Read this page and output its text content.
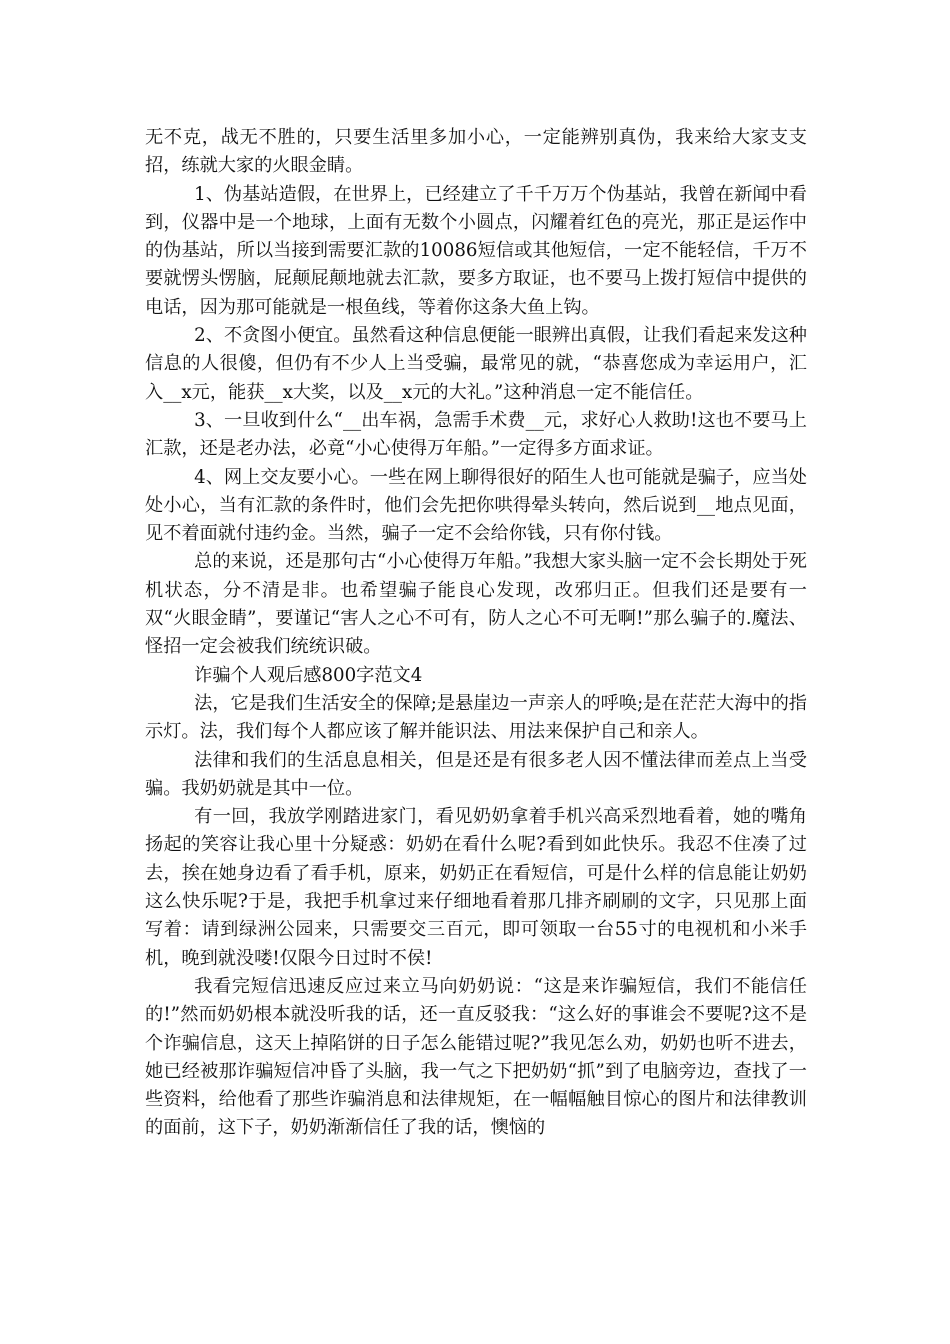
无不克，战无不胜的，只要生活里多加小心，一定能辨别真伪，我来给大家支支招，练就大家的火眼金睛。

1、伪基站造假，在世界上，已经建立了千千万万个伪基站，我曾在新闻中看到，仪器中是一个地球，上面有无数个小圆点，闪耀着红色的亮光，那正是运作中的伪基站，所以当接到需要汇款的10086短信或其他短信，一定不能轻信，千万不要就愣头愣脑，屁颠屁颠地就去汇款，要多方取证，也不要马上拨打短信中提供的电话，因为那可能就是一根鱼线，等着你这条大鱼上钩。

2、不贪图小便宜。虽然看这种信息便能一眼辨出真假，让我们看起来发这种信息的人很傻，但仍有不少人上当受骗，最常见的就，“恭喜您成为幸运用户，汇入__x元，能获__x大奖，以及__x元的大礼。”这种消息一定不能信任。

3、一旦收到什么“__出车祸，急需手术费__元，求好心人救助!这也不要马上汇款，还是老办法，必竟“小心使得万年船。”一定得多方面求证。

4、网上交友要小心。一些在网上聊得很好的陌生人也可能就是骗子，应当处处小心，当有汇款的条件时，他们会先把你哄得晕头转向，然后说到__地点见面，见不着面就付违约金。当然，骗子一定不会给你钱，只有你付钱。

总的来说，还是那句古“小心使得万年船。”我想大家头脑一定不会长期处于死机状态，分不清是非。也希望骗子能良心发现，改邪归正。但我们还是要有一双“火眼金睛”，要谨记“害人之心不可有，防人之心不可无啊!”那么骗子的.魔法、怪招一定会被我们统统识破。

诈骗个人观后感800字范文4

法，它是我们生活安全的保障;是悬崖边一声亲人的呼唤;是在茫茫大海中的指示灯。法，我们每个人都应该了解并能识法、用法来保护自己和亲人。

法律和我们的生活息息相关，但是还是有很多老人因不懂法律而差点上当受骗。我奶奶就是其中一位。

有一回，我放学刚踏进家门，看见奶奶拿着手机兴高采烈地看着，她的嘴角扬起的笑容让我心里十分疑惑：奶奶在看什么呢?看到如此快乐。我忍不住凑了过去，挨在她身边看了看手机，原来，奶奶正在看短信，可是什么样的信息能让奶奶这么快乐呢?于是，我把手机拿过来仔细地看着那几排齐刷刷的文字，只见那上面写着：请到绿洲公园来，只需要交三百元，即可领取一台55寸的电视机和小米手机，晚到就没喽!仅限今日过时不侯!

我看完短信迅速反应过来立马向奶奶说：“这是来诈骗短信，我们不能信任的!”然而奶奶根本就没听我的话，还一直反驳我：“这么好的事谁会不要呢?这不是个诈骗信息，这天上掉陷饼的日子怎么能错过呢?”我见怎么劝，奶奶也听不进去，她已经被那诈骗短信冲昏了头脑，我一气之下把奶奶“抓”到了电脑旁边，查找了一些资料，给他看了那些诈骗消息和法律规矩，在一幅幅触目惊心的图片和法律教训的面前，这下子，奶奶渐渐信任了我的话，懊恼的
